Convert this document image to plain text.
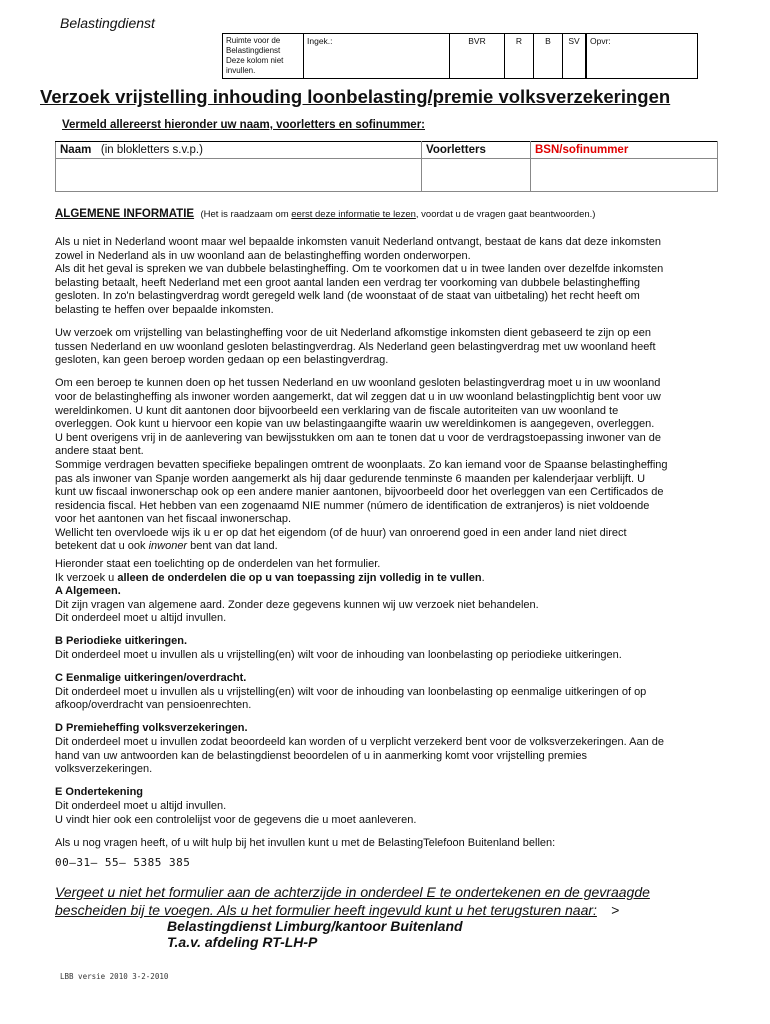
Belastingdienst
Ruimte voor de
Belastingdienst
Deze kolom niet
invullen.
	Ingek.:	BVR	R	B	SV	Opvr:
Verzoek vrijstelling inhouding loonbelasting/premie volksverzekeringen
Vermeld allereerst hieronder uw naam, voorletters en sofinummer:
Naam (in blokletters s.v.p.)	Voorletters	BSN/sofinummer

ALGEMENE INFORMATIE (Het is raadzaam om eerst deze informatie te lezen, voordat u de vragen gaat beantwoorden.)

Als u niet in Nederland woont maar wel bepaalde inkomsten vanuit Nederland ontvangt, bestaat de kans dat deze inkomsten

zowel in Nederland als in uw woonland aan de belastingheffing worden onderworpen.

Als dit het geval is spreken we van dubbele belastingheffing. Om te voorkomen dat u in twee landen over dezelfde inkomsten

belasting betaalt, heeft Nederland met een groot aantal landen een verdrag ter voorkoming van dubbele belastingheffing

gesloten. In zo'n belastingverdrag wordt geregeld welk land (de woonstaat of de staat van uitbetaling) het recht heeft om

belasting te heffen over bepaalde inkomsten.

Uw verzoek om vrijstelling van belastingheffing voor de uit Nederland afkomstige inkomsten dient gebaseerd te zijn op een

tussen Nederland en uw woonland gesloten belastingverdrag. Als Nederland geen belastingverdrag met uw woonland heeft

gesloten, kan geen beroep worden gedaan op een belastingverdrag.

Om een beroep te kunnen doen op het tussen Nederland en uw woonland gesloten belastingverdrag moet u in uw woonland

voor de belastingheffing als inwoner worden aangemerkt, dat wil zeggen dat u in uw woonland belastingplichtig bent voor uw

wereldinkomen. U kunt dit aantonen door bijvoorbeeld een verklaring van de fiscale autoriteiten van uw woonland te

overleggen. Ook kunt u hiervoor een kopie van uw belastingaangifte waarin uw wereldinkomen is aangegeven, overleggen.

U bent overigens vrij in de aanlevering van bewijsstukken om aan te tonen dat u voor de verdragstoepassing inwoner van de

andere staat bent.

Sommige verdragen bevatten specifieke bepalingen omtrent de woonplaats. Zo kan iemand voor de Spaanse belastingheffing

pas als inwoner van Spanje worden aangemerkt als hij daar gedurende tenminste 6 maanden per kalenderjaar verblijft. U

kunt uw fiscaal inwonerschap ook op een andere manier aantonen, bijvoorbeeld door het overleggen van een Certificados de

residencia fiscal. Het hebben van een zogenaamd NIE nummer (número de identification de extranjeros) is niet voldoende

voor het aantonen van het fiscaal inwonerschap.

Wellicht ten overvloede wijs ik u er op dat het eigendom (of de huur) van onroerend goed in een ander land niet direct

betekent dat u ook inwoner bent van dat land.

Hieronder staat een toelichting op de onderdelen van het formulier.

Ik verzoek u alleen de onderdelen die op u van toepassing zijn volledig in te vullen.

A Algemeen.

Dit zijn vragen van algemene aard. Zonder deze gegevens kunnen wij uw verzoek niet behandelen.

Dit onderdeel moet u altijd invullen.

B Periodieke uitkeringen.

Dit onderdeel moet u invullen als u vrijstelling(en) wilt voor de inhouding van loonbelasting op periodieke uitkeringen.

C Eenmalige uitkeringen/overdracht.

Dit onderdeel moet u invullen als u vrijstelling(en) wilt voor de inhouding van loonbelasting op eenmalige uitkeringen of op

afkoop/overdracht van pensioenrechten.

D Premieheffing volksverzekeringen.

Dit onderdeel moet u invullen zodat beoordeeld kan worden of u verplicht verzekerd bent voor de volksverzekeringen. Aan de

hand van uw antwoorden kan de belastingdienst beoordelen of u in aanmerking komt voor vrijstelling premies

volksverzekeringen.

E Ondertekening

Dit onderdeel moet u altijd invullen.

U vindt hier ook een controlelijst voor de gegevens die u moet aanleveren.

Als u nog vragen heeft, of u wilt hulp bij het invullen kunt u met de BelastingTelefoon Buitenland bellen:

00–31– 55– 5385 385
Vergeet u niet het formulier aan de achterzijde in onderdeel E te ondertekenen en de gevraagde
bescheiden bij te voegen. Als u het formulier heeft ingevuld kunt u het terugsturen naar: >
Belastingdienst Limburg/kantoor Buitenland
T.a.v. afdeling RT-LH-P
LBB versie 2010 3-2-2010
